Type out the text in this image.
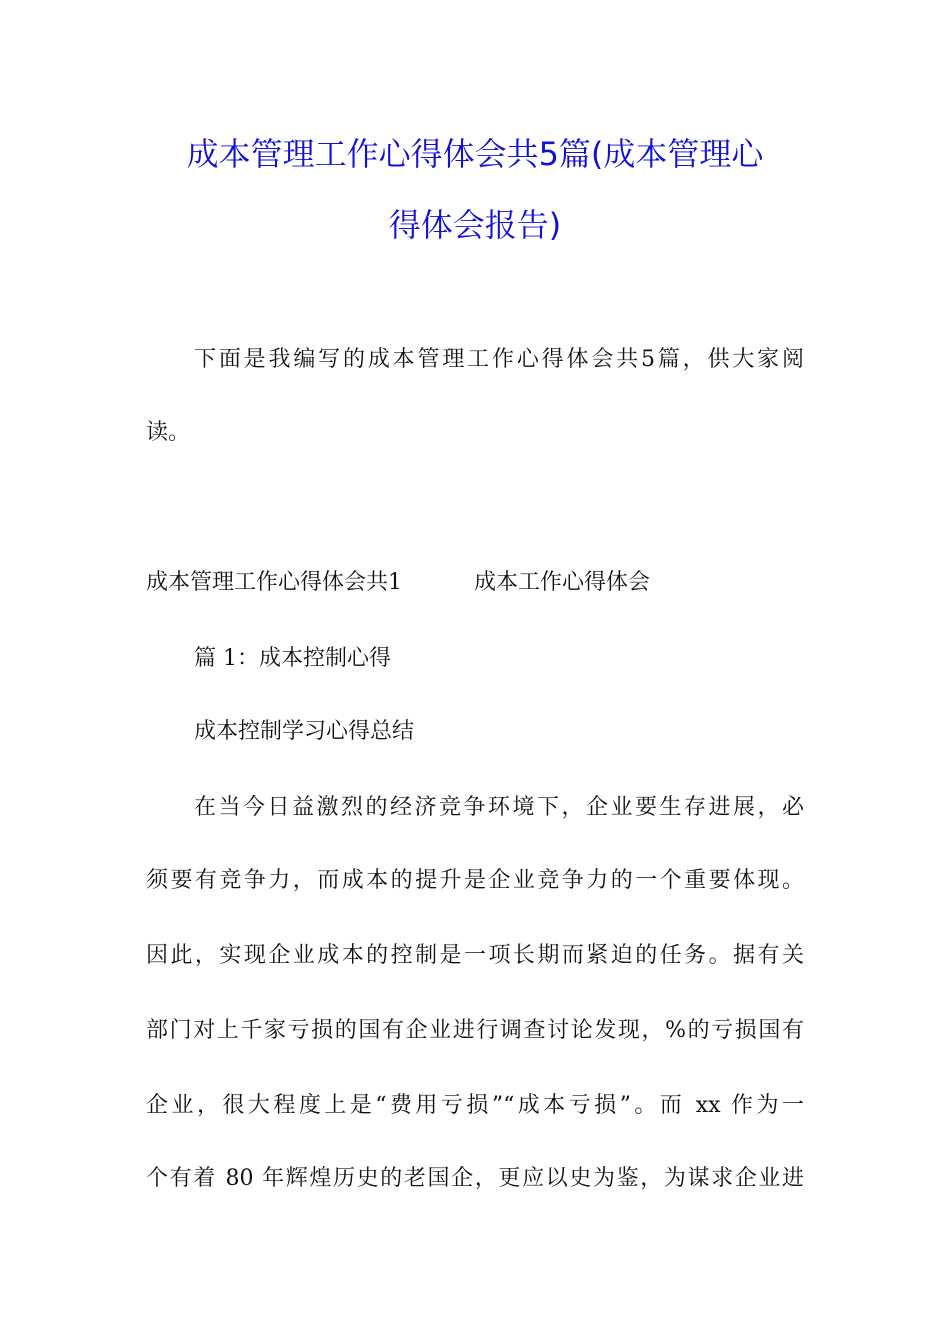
成本管理工作心得体会共5篇(成本管理心
得体会报告)
下面是我编写的成本管理工作心得体会共5篇，供大家阅
读。
成本管理工作心得体会共1	成本工作心得体会
篇 1：成本控制心得
成本控制学习心得总结
在当今日益激烈的经济竞争环境下，企业要生存进展，必
须要有竞争力，而成本的提升是企业竞争力的一个重要体现。
因此，实现企业成本的控制是一项长期而紧迫的任务。据有关
部门对上千家亏损的国有企业进行调查讨论发现，%的亏损国有
企业，很大程度上是“费用亏损”“成本亏损”。而 xx 作为一
个有着 80 年辉煌历史的老国企，更应以史为鉴，为谋求企业进
